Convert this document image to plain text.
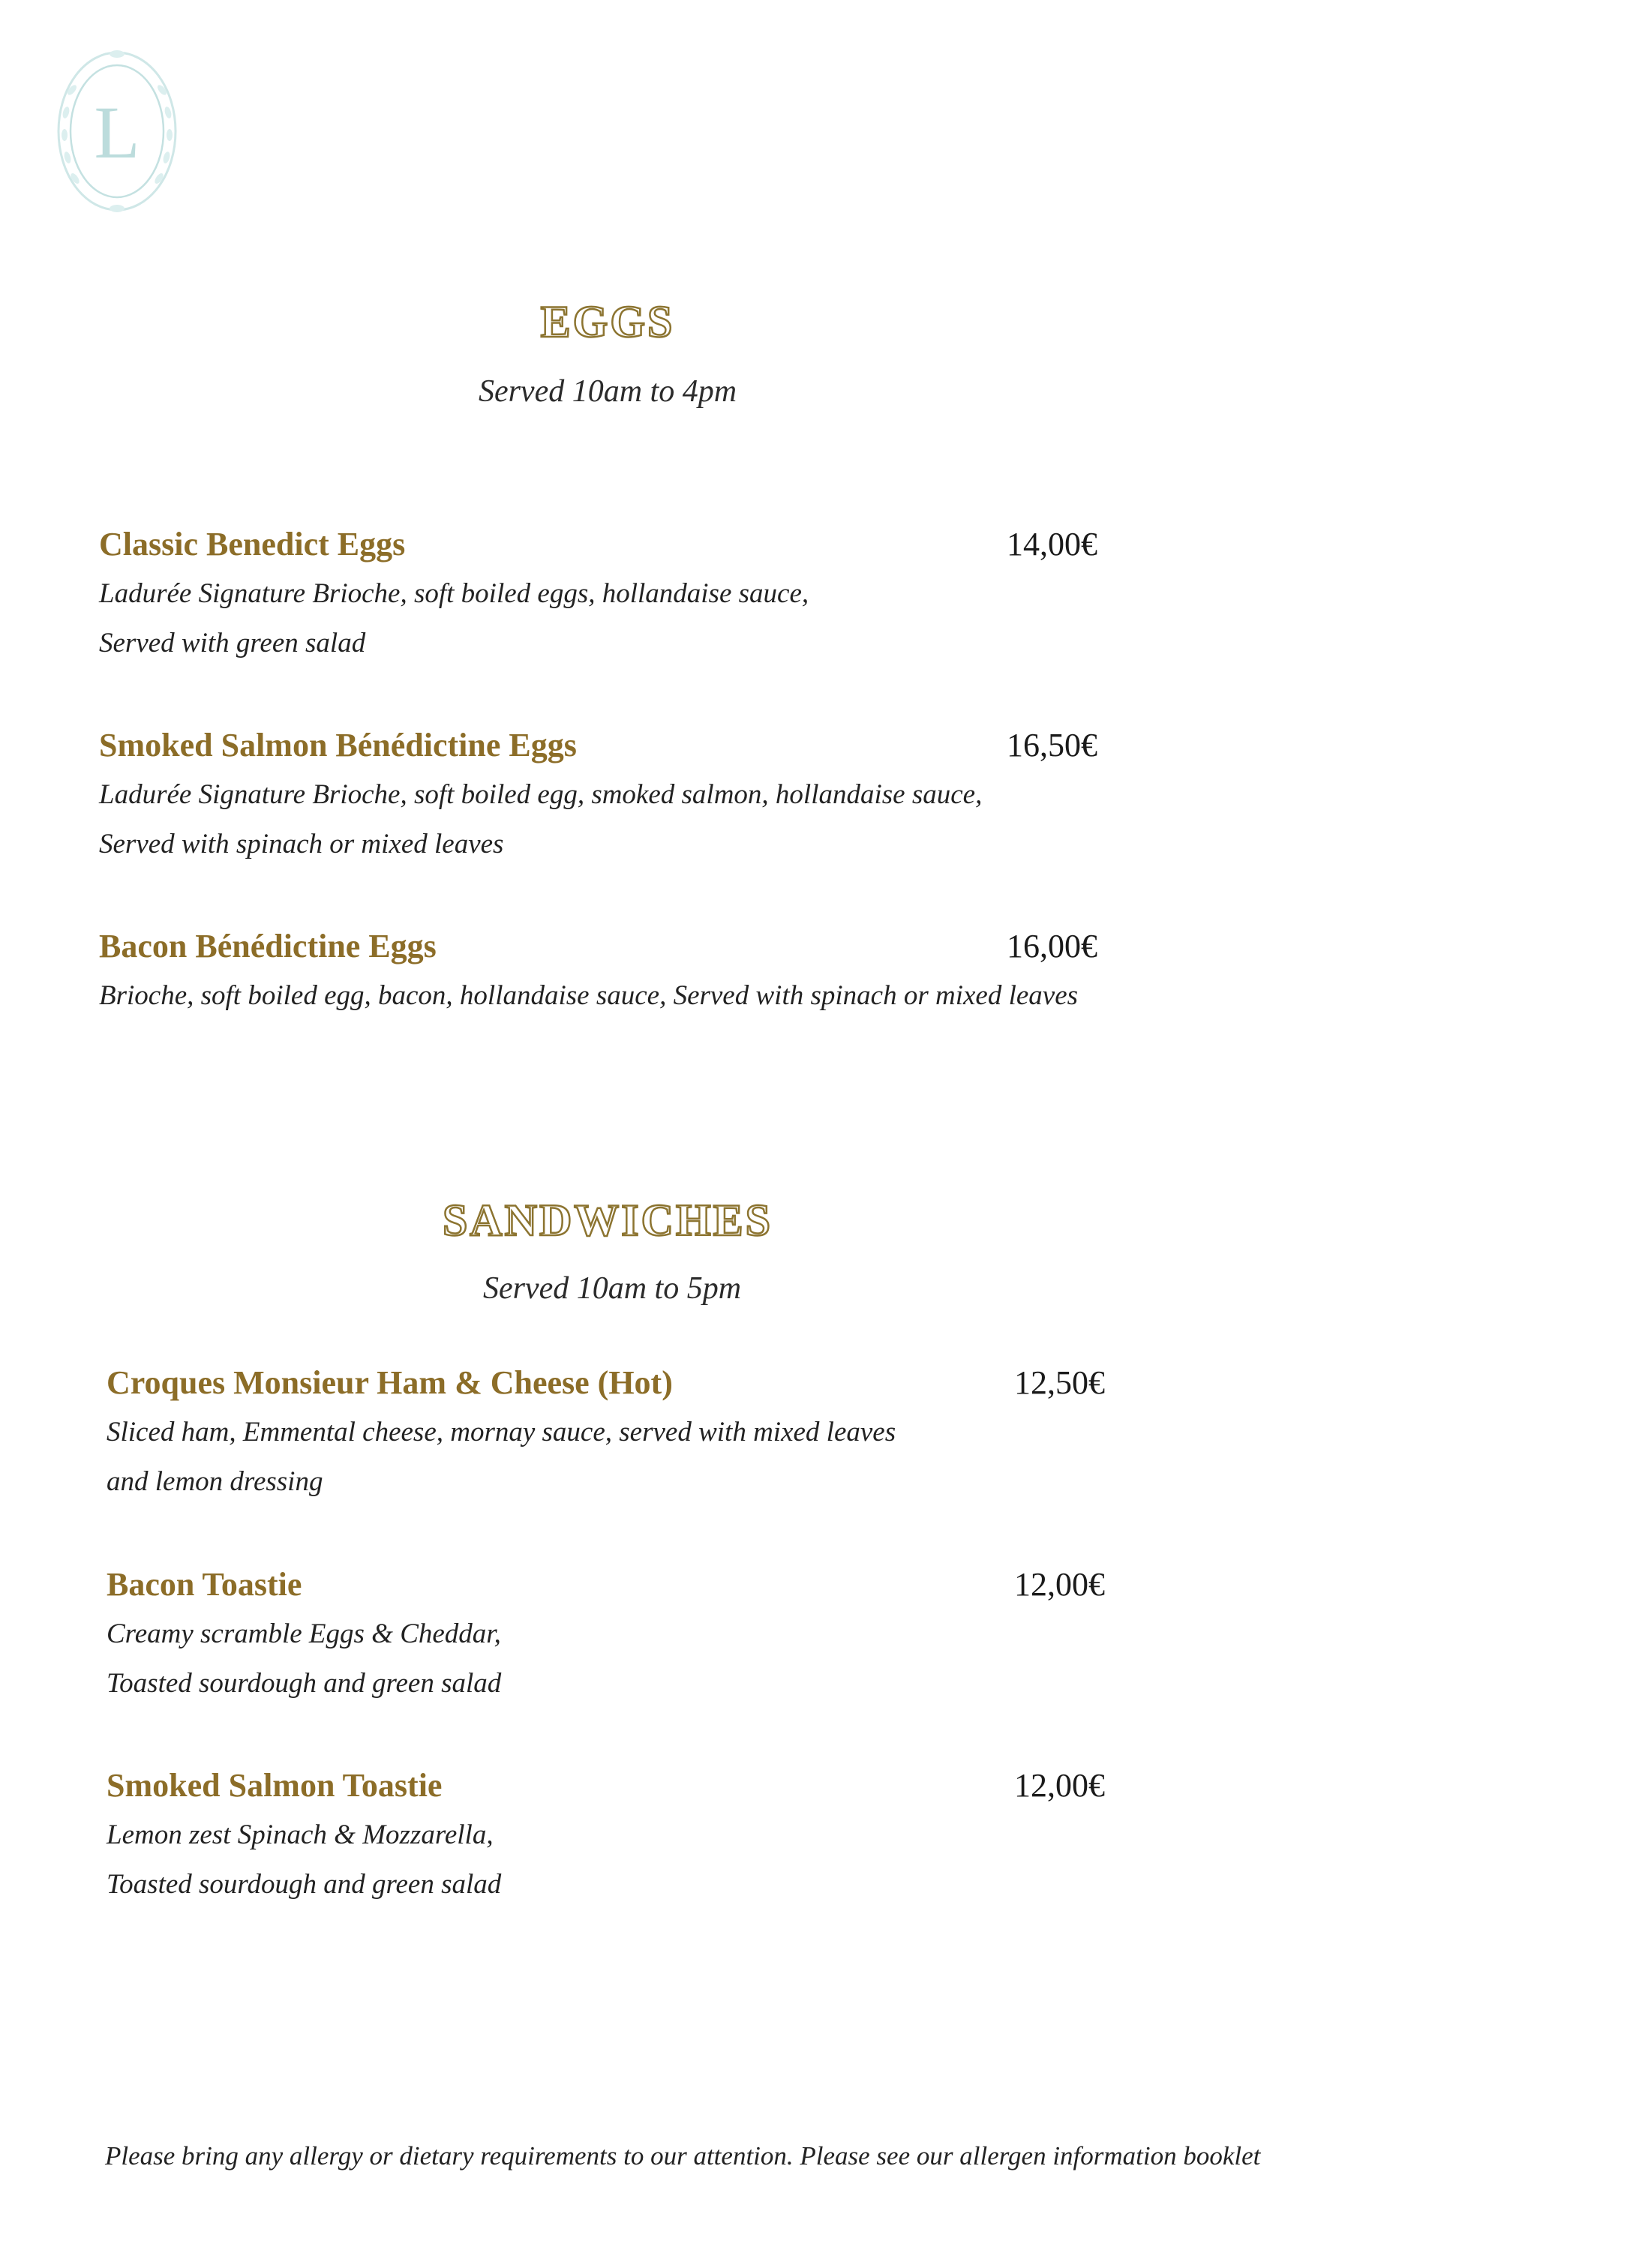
L
EGGS
Served 10am to 4pm
Classic Benedict Eggs	14,00€
Ladurée Signature Brioche, soft boiled eggs, hollandaise sauce,
Served with green salad
Smoked Salmon Bénédictine Eggs	16,50€
Ladurée Signature Brioche, soft boiled egg, smoked salmon, hollandaise sauce,
Served with spinach or mixed leaves
Bacon Bénédictine Eggs	16,00€
Brioche, soft boiled egg, bacon, hollandaise sauce, Served with spinach or mixed leaves
SANDWICHES
Served 10am to 5pm
Croques Monsieur Ham & Cheese (Hot)	12,50€
Sliced ham, Emmental cheese, mornay sauce, served with mixed leaves
and lemon dressing
Bacon Toastie	12,00€
Creamy scramble Eggs & Cheddar,
Toasted sourdough and green salad
Smoked Salmon Toastie	12,00€
Lemon zest Spinach & Mozzarella,
Toasted sourdough and green salad
Please bring any allergy or dietary requirements to our attention. Please see our allergen information booklet
